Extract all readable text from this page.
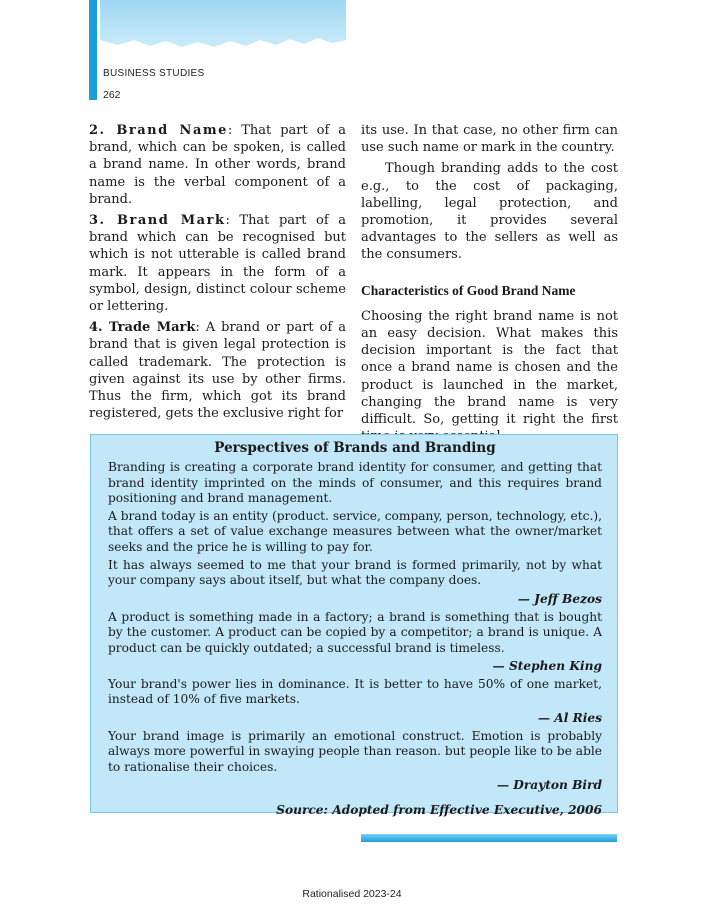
BUSINESS STUDIES
262

2. Brand Name: That part of a brand, which can be spoken, is called a brand name. In other words, brand name is the verbal component of a brand.

3. Brand Mark: That part of a brand which can be recognised but which is not utterable is called brand mark. It appears in the form of a symbol, design, distinct colour scheme or lettering.

4. Trade Mark: A brand or part of a brand that is given legal protection is called trademark. The protection is given against its use by other firms. Thus the firm, which got its brand registered, gets the exclusive right for

its use. In that case, no other firm can use such name or mark in the country.

Though branding adds to the cost e.g., to the cost of packaging, labelling, legal protection, and promotion, it provides several advantages to the sellers as well as the consumers.

Characteristics of Good Brand Name

Choosing the right brand name is not an easy decision. What makes this decision important is the fact that once a brand name is chosen and the product is launched in the market, changing the brand name is very difficult. So, getting it right the first

Perspectives of Brands and Branding

Branding is creating a corporate brand identity for consumer, and getting that brand identity imprinted on the minds of consumer, and this requires brand positioning and brand management.

A brand today is an entity (product. service, company, person, technology, etc.), that offers a set of value exchange measures between what the owner/market seeks and the price he is willing to pay for.

It has always seemed to me that your brand is formed primarily, not by what your company says about itself, but what the company does.

— Jeff Bezos

A product is something made in a factory; a brand is something that is bought by the customer. A product can be copied by a competitor; a brand is unique. A product can be quickly outdated; a successful brand is timeless.

— Stephen King

Your brand's power lies in dominance. It is better to have 50% of one market, instead of 10% of five markets.

— Al Ries

Your brand image is primarily an emotional construct. Emotion is probably always more powerful in swaying people than reason. but people like to be able to rationalise their choices.

— Drayton Bird
Source: Adopted from Effective Executive, 2006
Rationalised 2023-24
